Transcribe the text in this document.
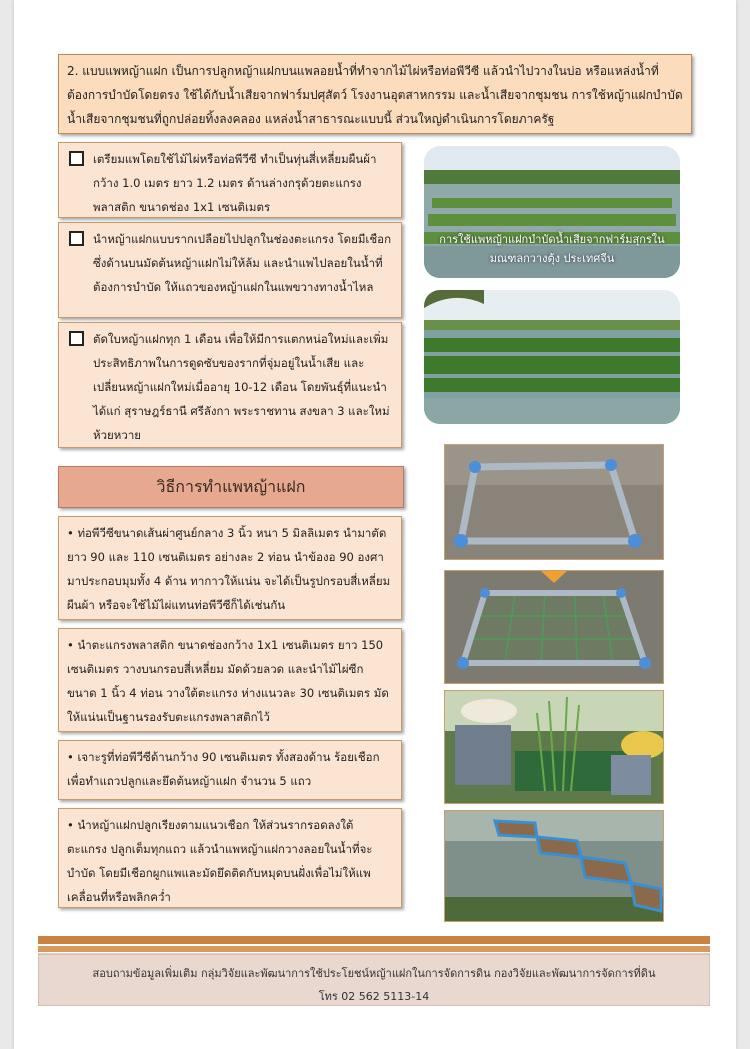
2. แบบแพหญ้าแฝก เป็นการปลูกหญ้าแฝกบนแพลอยน้ำที่ทำจากไม้ไผ่หรือท่อพีวีซี แล้วนำไปวางในบ่อ หรือแหล่งน้ำที่ต้องการบำบัดโดยตรง ใช้ได้กับน้ำเสียจากฟาร์มปศุสัตว์ โรงงานอุตสาหกรรม และน้ำเสียจากชุมชน การใช้หญ้าแฝกบำบัดน้ำเสียจากชุมชนที่ถูกปล่อยทิ้งลงคลอง แหล่งน้ำสาธารณะแบบนี้ ส่วนใหญ่ดำเนินการโดยภาครัฐ
เตรียมแพโดยใช้ไม้ไผ่หรือท่อพีวีซี ทำเป็นทุ่นสี่เหลี่ยมผืนผ้า กว้าง 1.0 เมตร ยาว 1.2 เมตร ด้านล่างกรุด้วยตะแกรงพลาสติก ขนาดช่อง 1x1 เซนติเมตร
นำหญ้าแฝกแบบรากเปลือยไปปลูกในช่องตะแกรง โดยมีเชือกซึ่งด้านบนมัดต้นหญ้าแฝกไม่ให้ล้ม และนำแพไปลอยในน้ำที่ต้องการบำบัด ให้แถวของหญ้าแฝกในแพขวางทางน้ำไหล
ตัดใบหญ้าแฝกทุก 1 เดือน เพื่อให้มีการแตกหน่อใหม่และเพิ่มประสิทธิภาพในการดูดซับของรากที่จุ่มอยู่ในน้ำเสีย และเปลี่ยนหญ้าแฝกใหม่เมื่ออายุ 10-12 เดือน โดยพันธุ์ที่แนะนำ ได้แก่ สุราษฎร์ธานี ศรีลังกา พระราชทาน สงขลา 3 และใหม่ห้วยหวาย
การใช้แพหญ้าแฝกบำบัดน้ำเสียจากฟาร์มสุกรในมณฑลกวางตุ้ง ประเทศจีน
วิธีการทำแพหญ้าแฝก
• ท่อพีวีซีขนาดเส้นผ่าศูนย์กลาง 3 นิ้ว หนา 5 มิลลิเมตร นำมาตัดยาว 90 และ 110 เซนติเมตร อย่างละ 2 ท่อน นำข้องอ 90 องศา มาประกอบมุมทั้ง 4 ด้าน ทากาวให้แน่น จะได้เป็นรูปกรอบสี่เหลี่ยมผืนผ้า หรือจะใช้ไม้ไผ่แทนท่อพีวีซีก็ได้เช่นกัน
• นำตะแกรงพลาสติก ขนาดช่องกว้าง 1x1 เซนติเมตร ยาว 150 เซนติเมตร วางบนกรอบสี่เหลี่ยม มัดด้วยลวด และนำไม้ไผ่ซีก ขนาด 1 นิ้ว 4 ท่อน วางใต้ตะแกรง ห่างแนวละ 30 เซนติเมตร มัดให้แน่นเป็นฐานรองรับตะแกรงพลาสติกไว้
• เจาะรูที่ท่อพีวีซีด้านกว้าง 90 เซนติเมตร ทั้งสองด้าน ร้อยเชือกเพื่อทำแถวปลูกและยึดต้นหญ้าแฝก จำนวน 5 แถว
• นำหญ้าแฝกปลูกเรียงตามแนวเชือก ให้ส่วนรากรอดลงใต้ตะแกรง ปลูกเต็มทุกแถว แล้วนำแพหญ้าแฝกวางลอยในน้ำที่จะบำบัด โดยมีเชือกผูกแพและมัดยึดติดกับหมุดบนฝั่งเพื่อไม่ให้แพเคลื่อนที่หรือพลิกคว่ำ
สอบถามข้อมูลเพิ่มเติม กลุ่มวิจัยและพัฒนาการใช้ประโยชน์หญ้าแฝกในการจัดการดิน กองวิจัยและพัฒนาการจัดการที่ดิน
โทร 02 562 5113-14
